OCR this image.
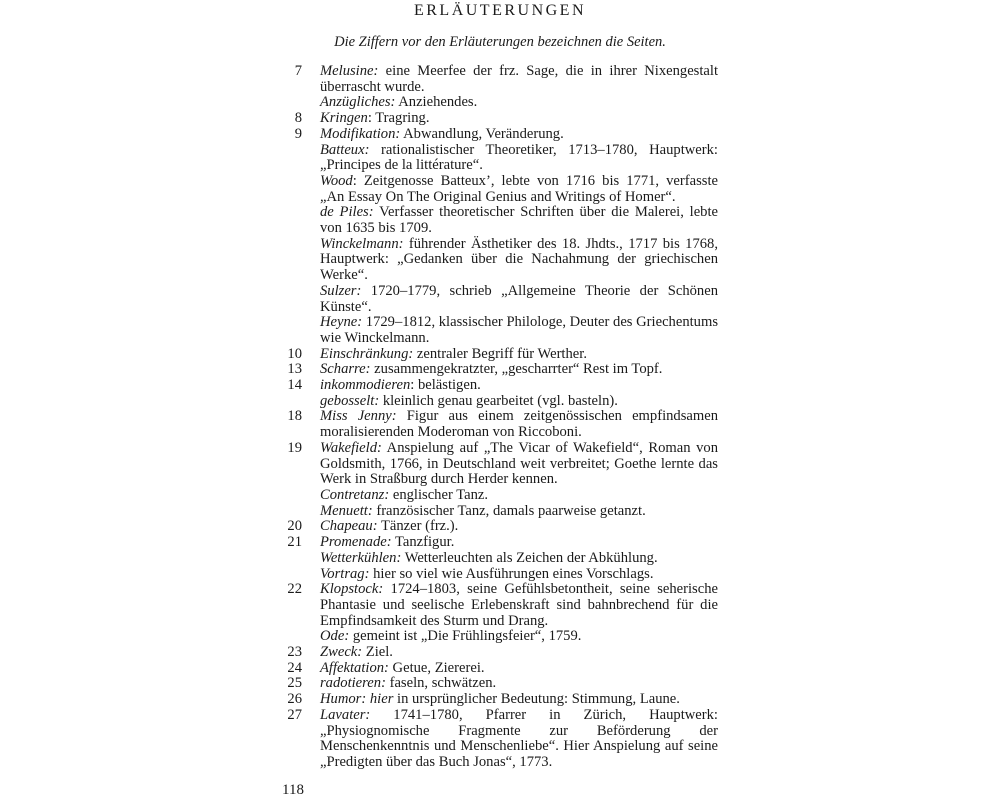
ERLÄUTERUNGEN
Die Ziffern vor den Erläuterungen bezeichnen die Seiten.
7 Melusine: eine Meerfee der frz. Sage, die in ihrer Nixengestalt überrascht wurde.
Anzügliches: Anziehendes.
8 Kringen: Tragring.
9 Modifikation: Abwandlung, Veränderung.
Batteux: rationalistischer Theoretiker, 1713–1780, Hauptwerk: „Principes de la littérature“.
Wood: Zeitgenosse Batteux’, lebte von 1716 bis 1771, verfasste „An Essay On The Original Genius and Writings of Homer“.
de Piles: Verfasser theoretischer Schriften über die Malerei, lebte von 1635 bis 1709.
Winckelmann: führender Ästhetiker des 18. Jhdts., 1717 bis 1768, Hauptwerk: „Gedanken über die Nachahmung der griechischen Werke“.
Sulzer: 1720–1779, schrieb „Allgemeine Theorie der Schönen Künste“.
Heyne: 1729–1812, klassischer Philologe, Deuter des Griechentums wie Winckelmann.
10 Einschränkung: zentraler Begriff für Werther.
13 Scharre: zusammengekratzter, „gescharrter“ Rest im Topf.
14 inkommodieren: belästigen.
gebosselt: kleinlich genau gearbeitet (vgl. basteln).
18 Miss Jenny: Figur aus einem zeitgenössischen empfindsamen moralisierenden Moderoman von Riccoboni.
19 Wakefield: Anspielung auf „The Vicar of Wakefield“, Roman von Goldsmith, 1766, in Deutschland weit verbreitet; Goethe lernte das Werk in Straßburg durch Herder kennen.
Contretanz: englischer Tanz.
Menuett: französischer Tanz, damals paarweise getanzt.
20 Chapeau: Tänzer (frz.).
21 Promenade: Tanzfigur.
Wetterkühlen: Wetterleuchten als Zeichen der Abkühlung.
Vortrag: hier so viel wie Ausführungen eines Vorschlags.
22 Klopstock: 1724–1803, seine Gefühlsbetontheit, seine seherische Phantasie und seelische Erlebenskraft sind bahnbrechend für die Empfindsamkeit des Sturm und Drang.
Ode: gemeint ist „Die Frühlingsfeier“, 1759.
23 Zweck: Ziel.
24 Affektation: Getue, Ziererei.
25 radotieren: faseln, schwätzen.
26 Humor: hier in ursprünglicher Bedeutung: Stimmung, Laune.
27 Lavater: 1741–1780, Pfarrer in Zürich, Hauptwerk: „Physiognomische Fragmente zur Beförderung der Menschenkenntnis und Menschenliebe“. Hier Anspielung auf seine „Predigten über das Buch Jonas“, 1773.
118
